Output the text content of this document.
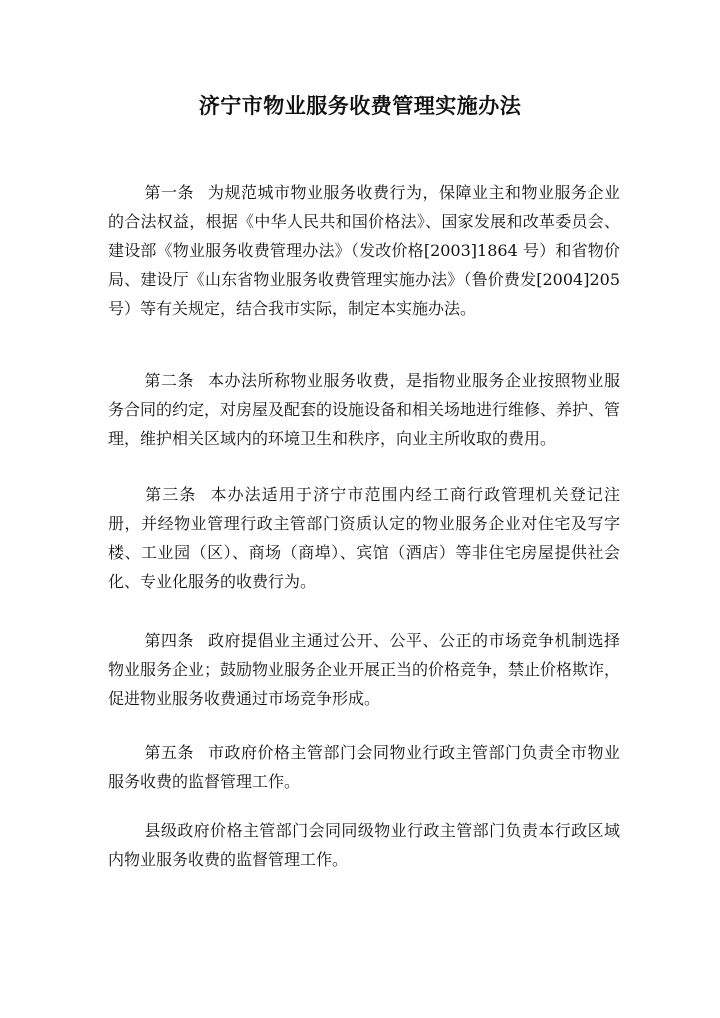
济宁市物业服务收费管理实施办法

第一条 为规范城市物业服务收费行为，保障业主和物业服务企业的合法权益，根据《中华人民共和国价格法》、国家发展和改革委员会、建设部《物业服务收费管理办法》（发改价格[2003]1864 号）和省物价局、建设厅《山东省物业服务收费管理实施办法》（鲁价费发[2004]205 号）等有关规定，结合我市实际，制定本实施办法。

第二条 本办法所称物业服务收费，是指物业服务企业按照物业服务合同的约定，对房屋及配套的设施设备和相关场地进行维修、养护、管理，维护相关区域内的环境卫生和秩序，向业主所收取的费用。

第三条 本办法适用于济宁市范围内经工商行政管理机关登记注册，并经物业管理行政主管部门资质认定的物业服务企业对住宅及写字楼、工业园（区）、商场（商埠）、宾馆（酒店）等非住宅房屋提供社会化、专业化服务的收费行为。

第四条 政府提倡业主通过公开、公平、公正的市场竞争机制选择物业服务企业；鼓励物业服务企业开展正当的价格竞争，禁止价格欺诈，促进物业服务收费通过市场竞争形成。

第五条 市政府价格主管部门会同物业行政主管部门负责全市物业服务收费的监督管理工作。

县级政府价格主管部门会同同级物业行政主管部门负责本行政区域内物业服务收费的监督管理工作。
